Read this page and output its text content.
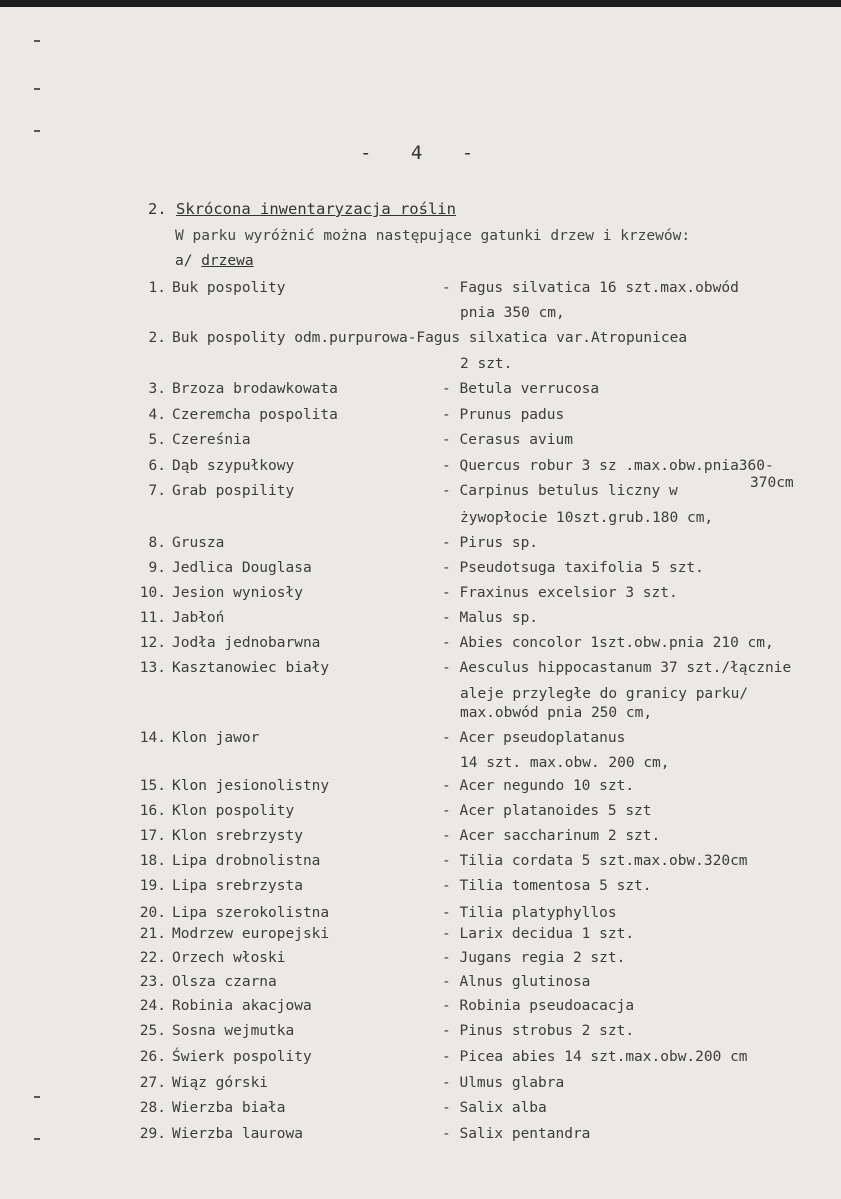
- 4 -
2. Skrócona inwentaryzacja roślin
W parku wyróżnić można następujące gatunki drzew i krzewów:
a/ drzewa
1. Buk pospolity	- Fagus silvatica 16 szt.max.obwód
pnia 350 cm,
2. Buk pospolity odm.purpurowa-Fagus silxatica var.Atropunicea
2 szt.
3. Brzoza brodawkowata	- Betula verrucosa
4. Czeremcha pospolita	- Prunus padus
5. Czereśnia	- Cerasus avium
6. Dąb szypułkowy	- Quercus robur 3 sz .max.obw.pnia360-
370cm
7. Grab pospility	- Carpinus betulus liczny w
żywopłocie 10szt.grub.180 cm,
8. Grusza	- Pirus sp.
9. Jedlica Douglasa	- Pseudotsuga taxifolia 5 szt.
10. Jesion wyniosły	- Fraxinus excelsior 3 szt.
11. Jabłoń	- Malus sp.
12. Jodła jednobarwna	- Abies concolor 1szt.obw.pnia 210 cm,
13. Kasztanowiec biały	- Aesculus hippocastanum 37 szt./łącznie
aleje przyległe do granicy parku/
max.obwód pnia 250 cm,
14. Klon jawor	- Acer pseudoplatanus
14 szt. max.obw. 200 cm,
15. Klon jesionolistny	- Acer negundo 10 szt.
16. Klon pospolity	- Acer platanoides 5 szt
17. Klon srebrzysty	- Acer saccharinum 2 szt.
18. Lipa drobnolistna	- Tilia cordata 5 szt.max.obw.320cm
19. Lipa srebrzysta	- Tilia tomentosa 5 szt.
20. Lipa szerokolistna	- Tilia platyphyllos
21. Modrzew europejski	- Larix decidua 1 szt.
22. Orzech włoski	- Jugans regia 2 szt.
23. Olsza czarna	- Alnus glutinosa
24. Robinia akacjowa	- Robinia pseudoacacja
25. Sosna wejmutka	- Pinus strobus 2 szt.
26. Świerk pospolity	- Picea abies 14 szt.max.obw.200 cm
27. Wiąz górski	- Ulmus glabra
28. Wierzba biała	- Salix alba
29. Wierzba laurowa	- Salix pentandra
